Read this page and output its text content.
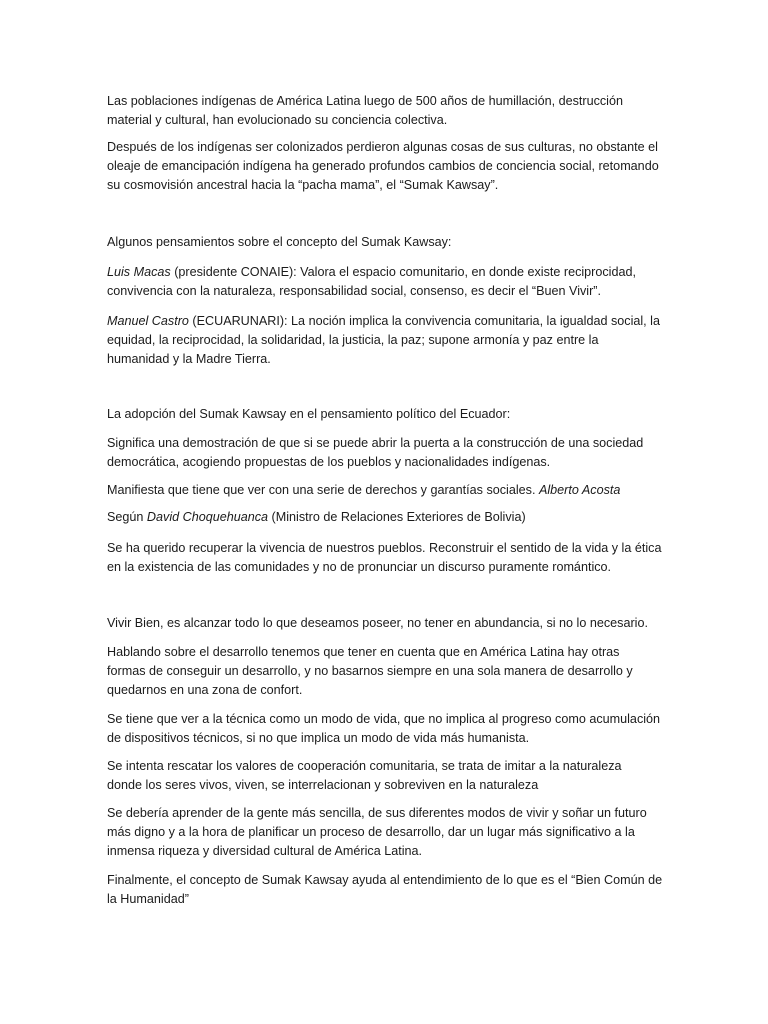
Las poblaciones indígenas de América Latina luego de 500 años de humillación, destrucción
material y cultural, han evolucionado su conciencia colectiva.

Después de los indígenas ser colonizados perdieron algunas cosas de sus culturas, no obstante el
oleaje de emancipación indígena ha generado profundos cambios de conciencia social, retomando
su cosmovisión ancestral hacia la “pacha mama”, el “Sumak Kawsay”.

Algunos pensamientos sobre el concepto del Sumak Kawsay:

Luis Macas (presidente CONAIE): Valora el espacio comunitario, en donde existe reciprocidad,
convivencia con la naturaleza, responsabilidad social, consenso, es decir el “Buen Vivir”.

Manuel Castro (ECUARUNARI): La noción implica la convivencia comunitaria, la igualdad social, la
equidad, la reciprocidad, la solidaridad, la justicia, la paz; supone armonía y paz entre la
humanidad y la Madre Tierra.

La adopción del Sumak Kawsay en el pensamiento político del Ecuador:

Significa una demostración de que si se puede abrir la puerta a la construcción de una sociedad
democrática, acogiendo propuestas de los pueblos y nacionalidades indígenas.

Manifiesta que tiene que ver con una serie de derechos y garantías sociales. Alberto Acosta

Según David Choquehuanca (Ministro de Relaciones Exteriores de Bolivia)

Se ha querido recuperar la vivencia de nuestros pueblos. Reconstruir el sentido de la vida y la ética
en la existencia de las comunidades y no de pronunciar un discurso puramente romántico.

Vivir Bien, es alcanzar todo lo que deseamos poseer, no tener en abundancia, si no lo necesario.

Hablando sobre el desarrollo tenemos que tener en cuenta que en América Latina hay otras
formas de conseguir un desarrollo, y no basarnos siempre en una sola manera de desarrollo y
quedarnos en una zona de confort.

Se tiene que ver a la técnica como un modo de vida, que no implica al progreso como acumulación
de dispositivos técnicos, si no que implica un modo de vida más humanista.

Se intenta rescatar los valores de cooperación comunitaria, se trata de imitar a la naturaleza
donde los seres vivos, viven, se interrelacionan y sobreviven en la naturaleza

Se debería aprender de la gente más sencilla, de sus diferentes modos de vivir y soñar un futuro
más digno y a la hora de planificar un proceso de desarrollo, dar un lugar más significativo a la
inmensa riqueza y diversidad cultural de América Latina.

Finalmente, el concepto de Sumak Kawsay ayuda al entendimiento de lo que es el “Bien Común de
la Humanidad”
